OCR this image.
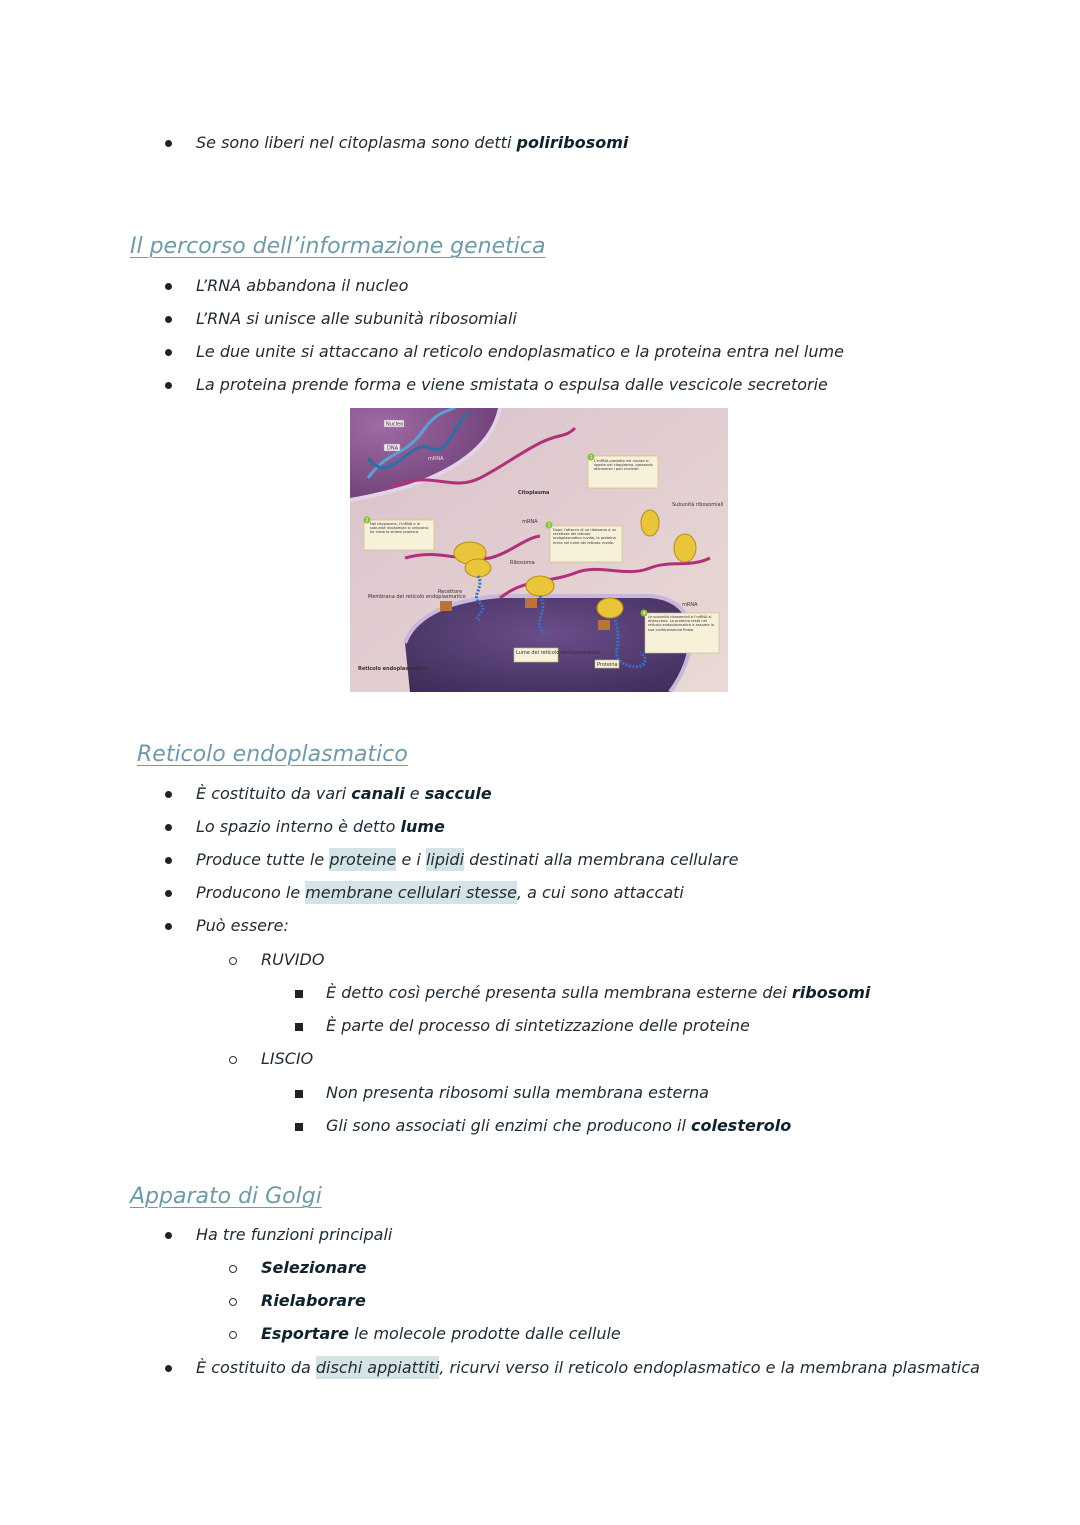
Se sono liberi nel citoplasma sono detti poliribosomi
Il percorso dell’informazione genetica
L’RNA abbandona il nucleo
L’RNA si unisce alle subunità ribosomiali
Le due unite si attaccano al reticolo endoplasmatico e la proteina entra nel lume
La proteina prende forma e viene smistata o espulsa dalle vescicole secretorie
1
2
3
4
Nucleo
DNA
mRNA
Citoplasma
mRNA
Ribosoma
Subunità ribosomiali
Recettore
Membrana del reticolo endoplasmatico
Reticolo endoplasmatico
Lume del reticolo endoplasmatico
Proteina
mRNA
L’mRNA prodotto nel nucleo si sposta nel citoplasma, passando attraverso i pori nucleari.
Nel citoplasma, l’mRNA e le subunità ribosomiali si uniscono; ha inizio la sintesi proteica.
Dopo l’attacco di un ribosoma a un recettore del reticolo endoplasmatico ruvido, la proteina entra nel lume del reticolo ruvido.
Le subunità ribosomiali e l’mRNA si distaccano. La proteina resta nel reticolo endoplasmatico e assume la sua conformazione finale.
Reticolo endoplasmatico
È costituito da vari canali e saccule
Lo spazio interno è detto lume
Produce tutte le proteine e i lipidi destinati alla membrana cellulare
Producono le membrane cellulari stesse, a cui sono attaccati
Può essere:
RUVIDO
È detto così perché presenta sulla membrana esterne dei ribosomi
È parte del processo di sintetizzazione delle proteine
LISCIO
Non presenta ribosomi sulla membrana esterna
Gli sono associati gli enzimi che producono il colesterolo
Apparato di Golgi
Ha tre funzioni principali
Selezionare
Rielaborare
Esportare le molecole prodotte dalle cellule
È costituito da dischi appiattiti, ricurvi verso il reticolo endoplasmatico e la membrana plasmatica
